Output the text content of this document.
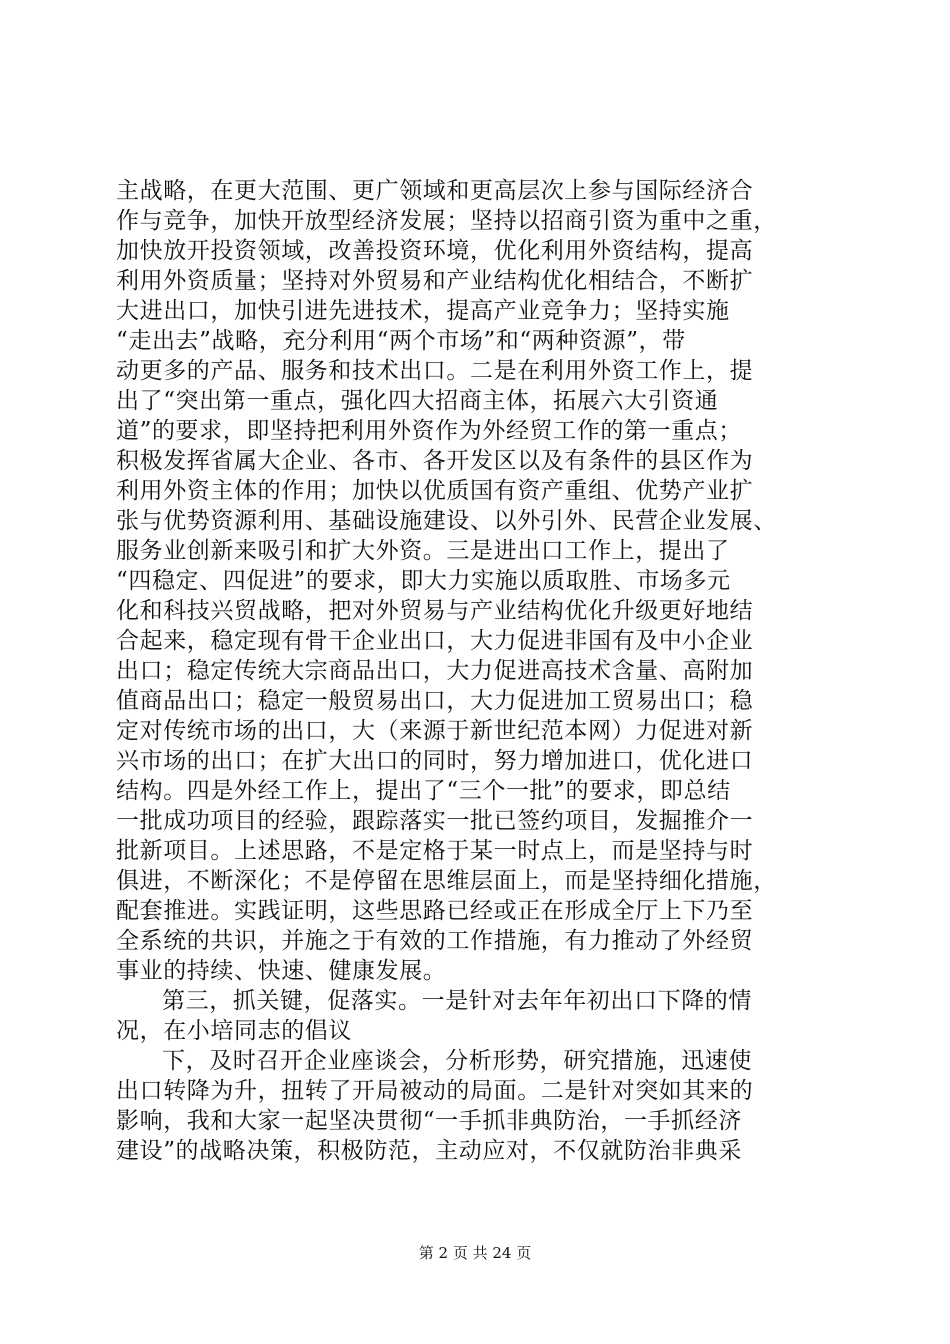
主战略，在更大范围、更广领域和更高层次上参与国际经济合
作与竞争，加快开放型经济发展；坚持以招商引资为重中之重，
加快放开投资领域，改善投资环境，优化利用外资结构，提高
利用外资质量；坚持对外贸易和产业结构优化相结合，不断扩
大进出口，加快引进先进技术，提高产业竞争力；坚持实施
“走出去”战略，充分利用“两个市场”和“两种资源”，带
动更多的产品、服务和技术出口。二是在利用外资工作上，提
出了“突出第一重点，强化四大招商主体，拓展六大引资通
道”的要求，即坚持把利用外资作为外经贸工作的第一重点；
积极发挥省属大企业、各市、各开发区以及有条件的县区作为
利用外资主体的作用；加快以优质国有资产重组、优势产业扩
张与优势资源利用、基础设施建设、以外引外、民营企业发展、
服务业创新来吸引和扩大外资。三是进出口工作上，提出了
“四稳定、四促进”的要求，即大力实施以质取胜、市场多元
化和科技兴贸战略，把对外贸易与产业结构优化升级更好地结
合起来，稳定现有骨干企业出口，大力促进非国有及中小企业
出口；稳定传统大宗商品出口，大力促进高技术含量、高附加
值商品出口；稳定一般贸易出口，大力促进加工贸易出口；稳
定对传统市场的出口，大（来源于新世纪范本网）力促进对新
兴市场的出口；在扩大出口的同时，努力增加进口，优化进口
结构。四是外经工作上，提出了“三个一批”的要求，即总结
一批成功项目的经验，跟踪落实一批已签约项目，发掘推介一
批新项目。上述思路，不是定格于某一时点上，而是坚持与时
俱进，不断深化；不是停留在思维层面上，而是坚持细化措施，
配套推进。实践证明，这些思路已经或正在形成全厅上下乃至
全系统的共识，并施之于有效的工作措施，有力推动了外经贸
事业的持续、快速、健康发展。
第三，抓关键，促落实。一是针对去年年初出口下降的情
况，在小培同志的倡议
下，及时召开企业座谈会，分析形势，研究措施，迅速使
出口转降为升，扭转了开局被动的局面。二是针对突如其来的
影响，我和大家一起坚决贯彻“一手抓非典防治，一手抓经济
建设”的战略决策，积极防范，主动应对，不仅就防治非典采
第 2 页 共 24 页
